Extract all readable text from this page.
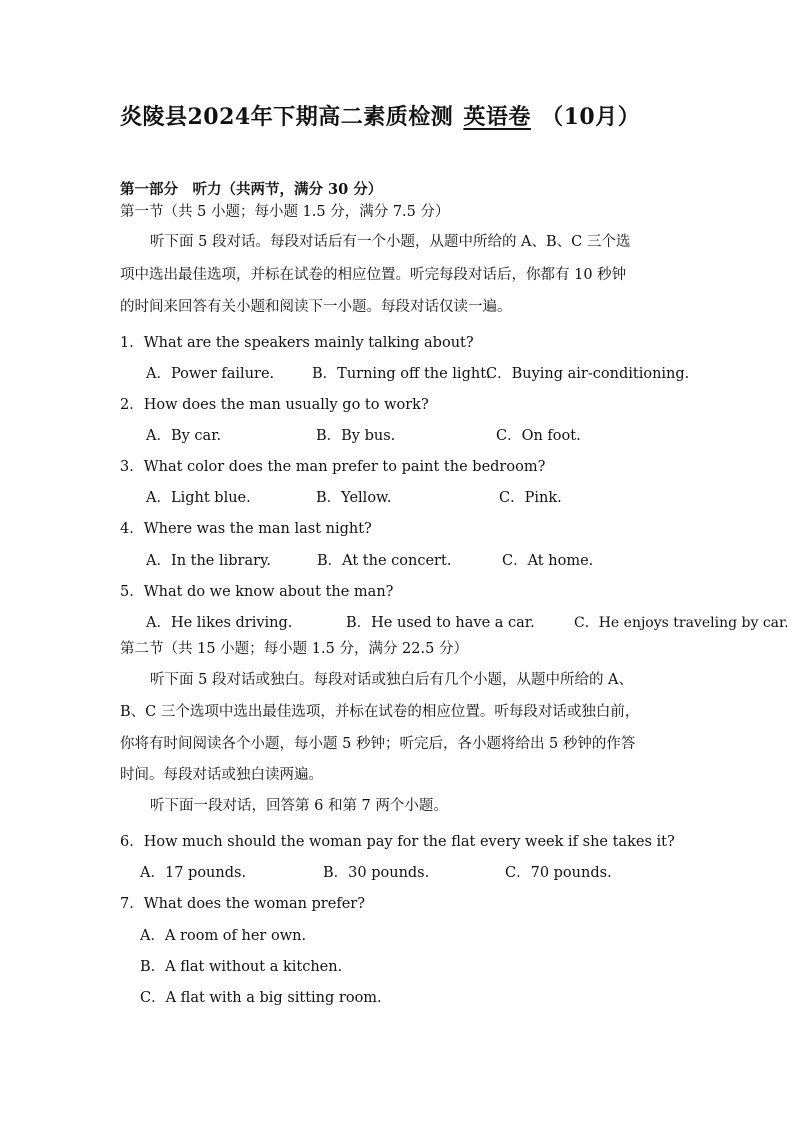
炎陵县2024年下期高二素质检测 英语卷 （10月）
第一部分　听力（共两节，满分 30 分）
第一节（共 5 小题；每小题 1.5 分，满分 7.5 分）
听下面 5 段对话。每段对话后有一个小题，从题中所给的 A、B、C 三个选
项中选出最佳选项，并标在试卷的相应位置。听完每段对话后，你都有 10 秒钟
的时间来回答有关小题和阅读下一小题。每段对话仅读一遍。
1．What are the speakers mainly talking about?
A．Power failure.	B．Turning off the light.
C．Buying air-conditioning.
2．How does the man usually go to work?
A．By car.	B．By bus.	C．On foot.
3．What color does the man prefer to paint the bedroom?
A．Light blue.	B．Yellow.	C．Pink.
4．Where was the man last night?
A．In the library.	B．At the concert.	C．At home.
5．What do we know about the man?
A．He likes driving.	B．He used to have a car.	C．He enjoys traveling by car.
第二节（共 15 小题；每小题 1.5 分，满分 22.5 分）
听下面 5 段对话或独白。每段对话或独白后有几个小题，从题中所给的 A、
B、C 三个选项中选出最佳选项，并标在试卷的相应位置。听每段对话或独白前，
你将有时间阅读各个小题，每小题 5 秒钟；听完后，各小题将给出 5 秒钟的作答
时间。每段对话或独白读两遍。
听下面一段对话，回答第 6 和第 7 两个小题。
6．How much should the woman pay for the flat every week if she takes it?
A．17 pounds.	B．30 pounds.	C．70 pounds.
7．What does the woman prefer?
A．A room of her own.
B．A flat without a kitchen.
C．A flat with a big sitting room.
